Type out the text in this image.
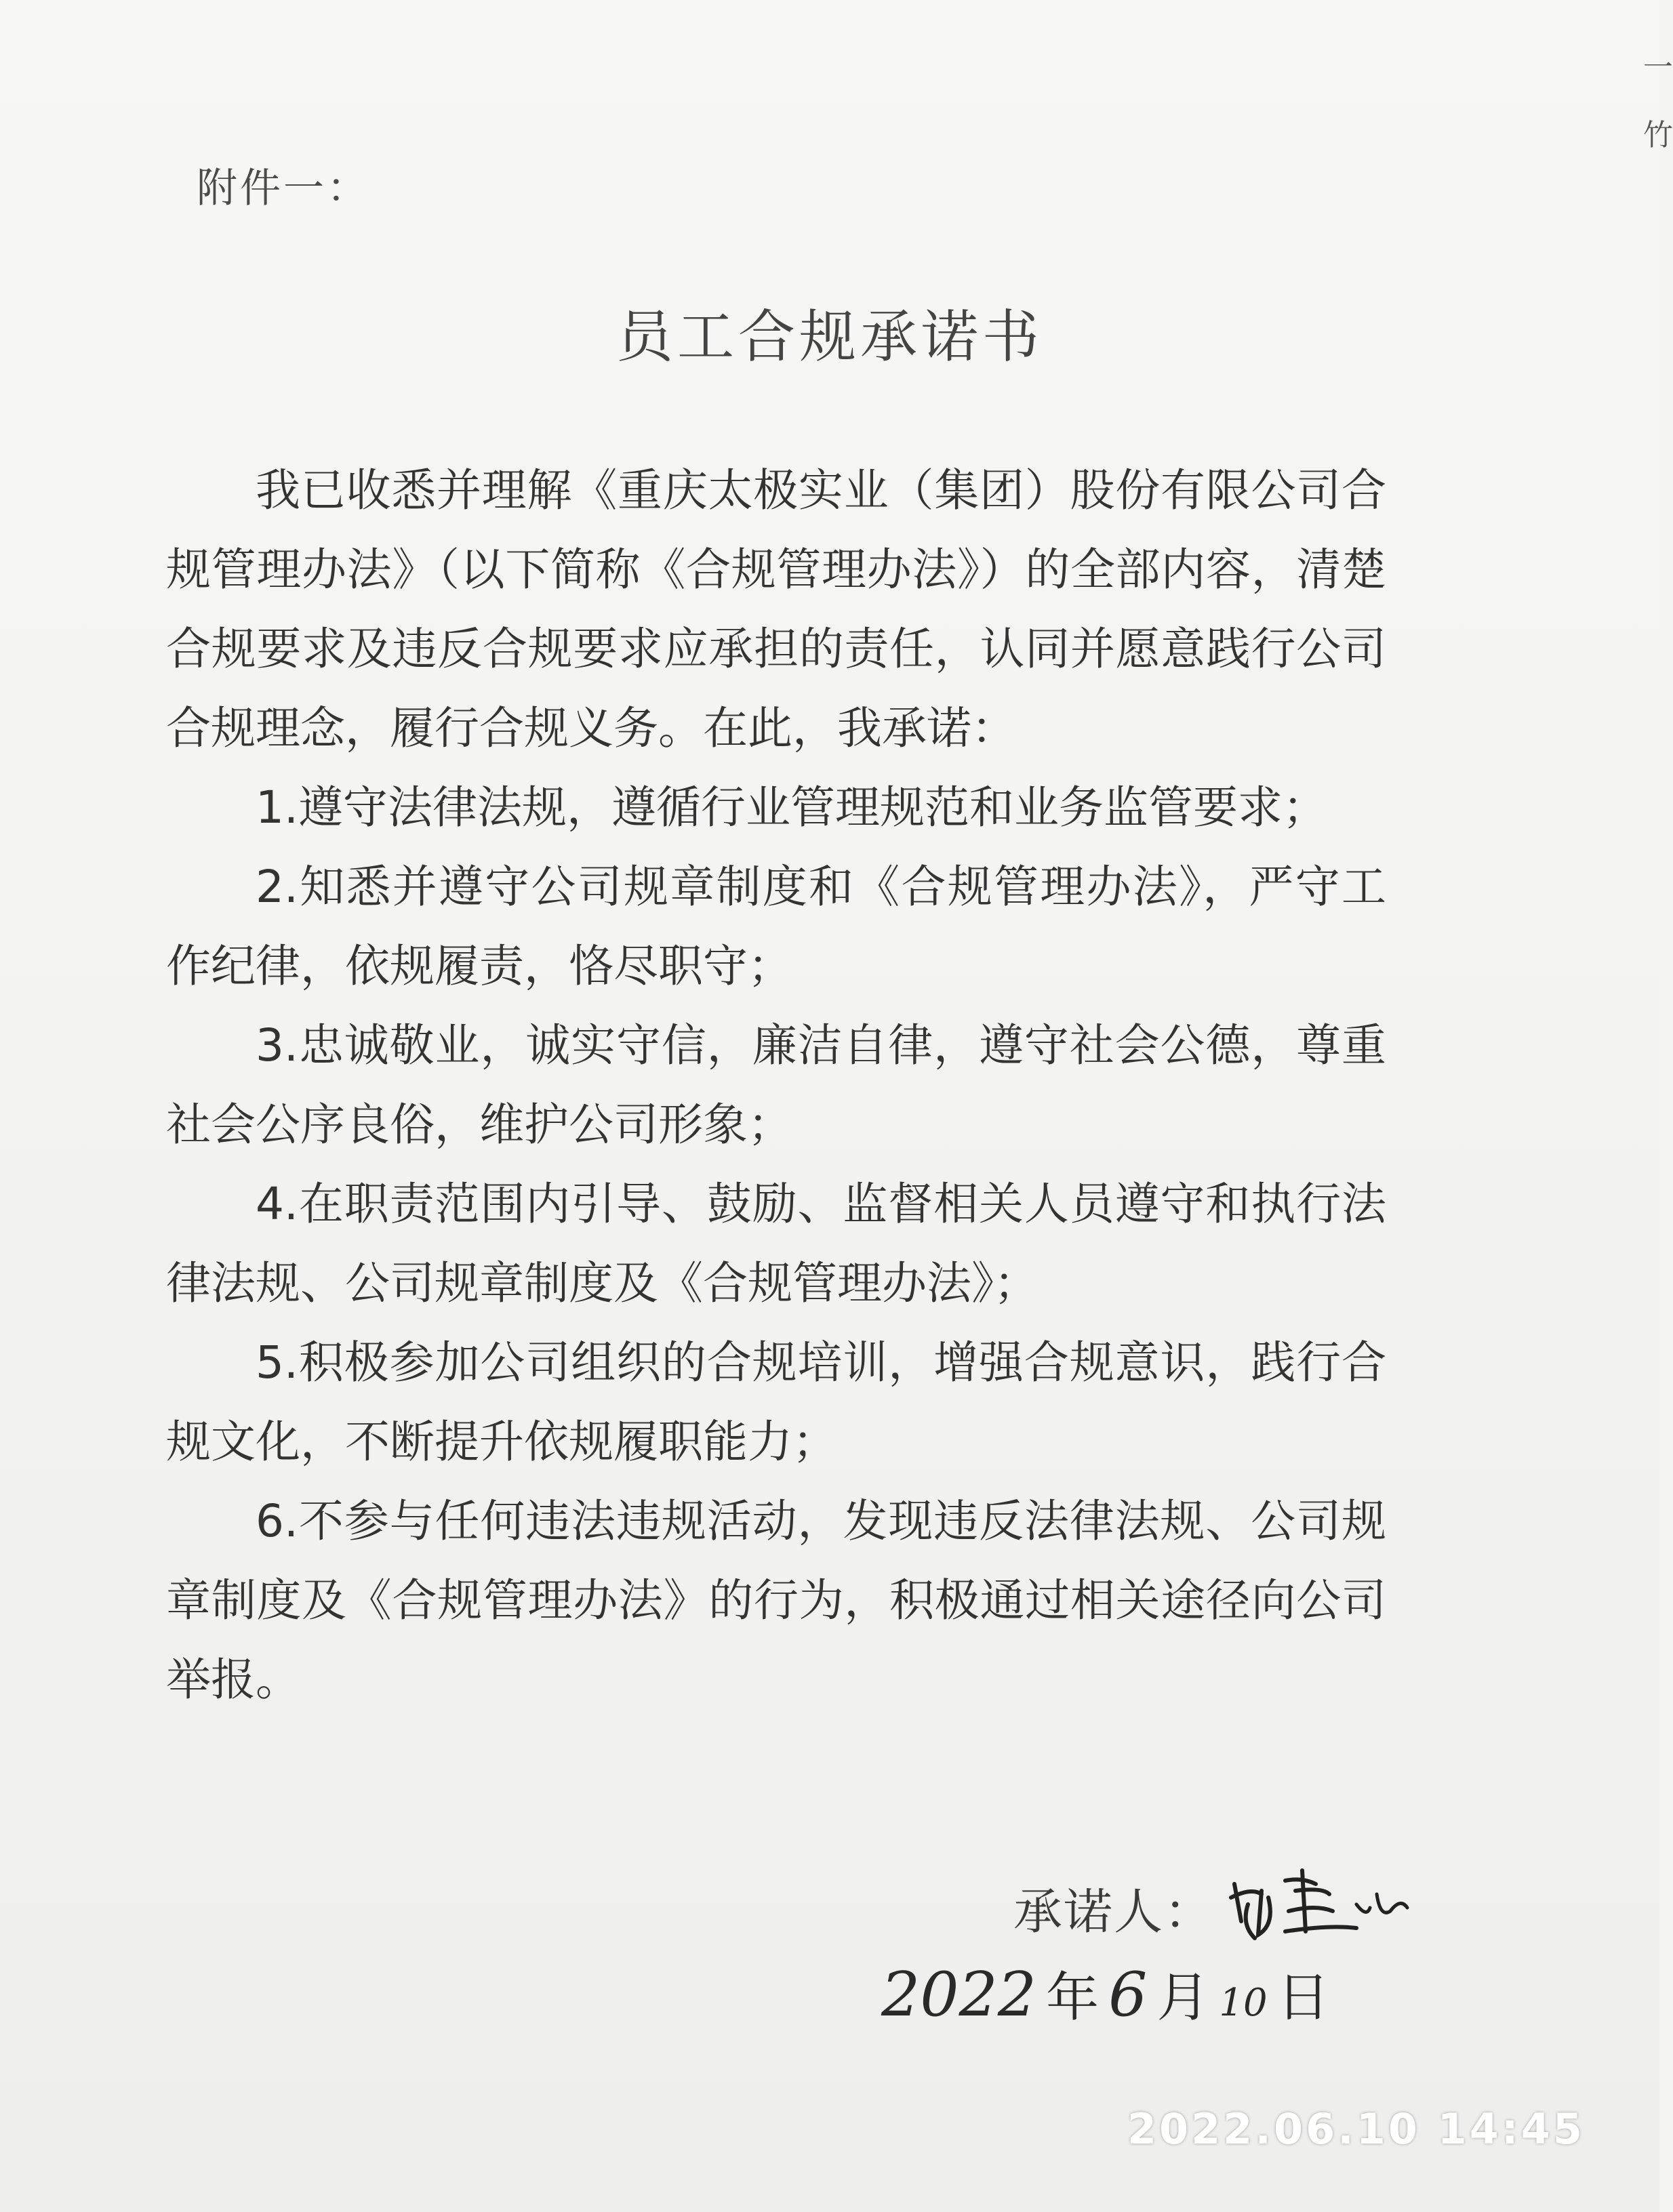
一
竹
附件一：
员工合规承诺书

我已收悉并理解《重庆太极实业（集团）股份有限公司合规管理办法》（以下简称《合规管理办法》）的全部内容，清楚合规要求及违反合规要求应承担的责任，认同并愿意践行公司合规理念，履行合规义务。在此，我承诺：

1.遵守法律法规，遵循行业管理规范和业务监管要求；

2.知悉并遵守公司规章制度和《合规管理办法》，严守工作纪律，依规履责，恪尽职守；

3.忠诚敬业，诚实守信，廉洁自律，遵守社会公德，尊重社会公序良俗，维护公司形象；

4.在职责范围内引导、鼓励、监督相关人员遵守和执行法律法规、公司规章制度及《合规管理办法》；

5.积极参加公司组织的合规培训，增强合规意识，践行合规文化，不断提升依规履职能力；

6.不参与任何违法违规活动，发现违反法律法规、公司规章制度及《合规管理办法》的行为，积极通过相关途径向公司举报。

承诺人：
2022 年 6 月 10 日
2022.06.10 14:45
